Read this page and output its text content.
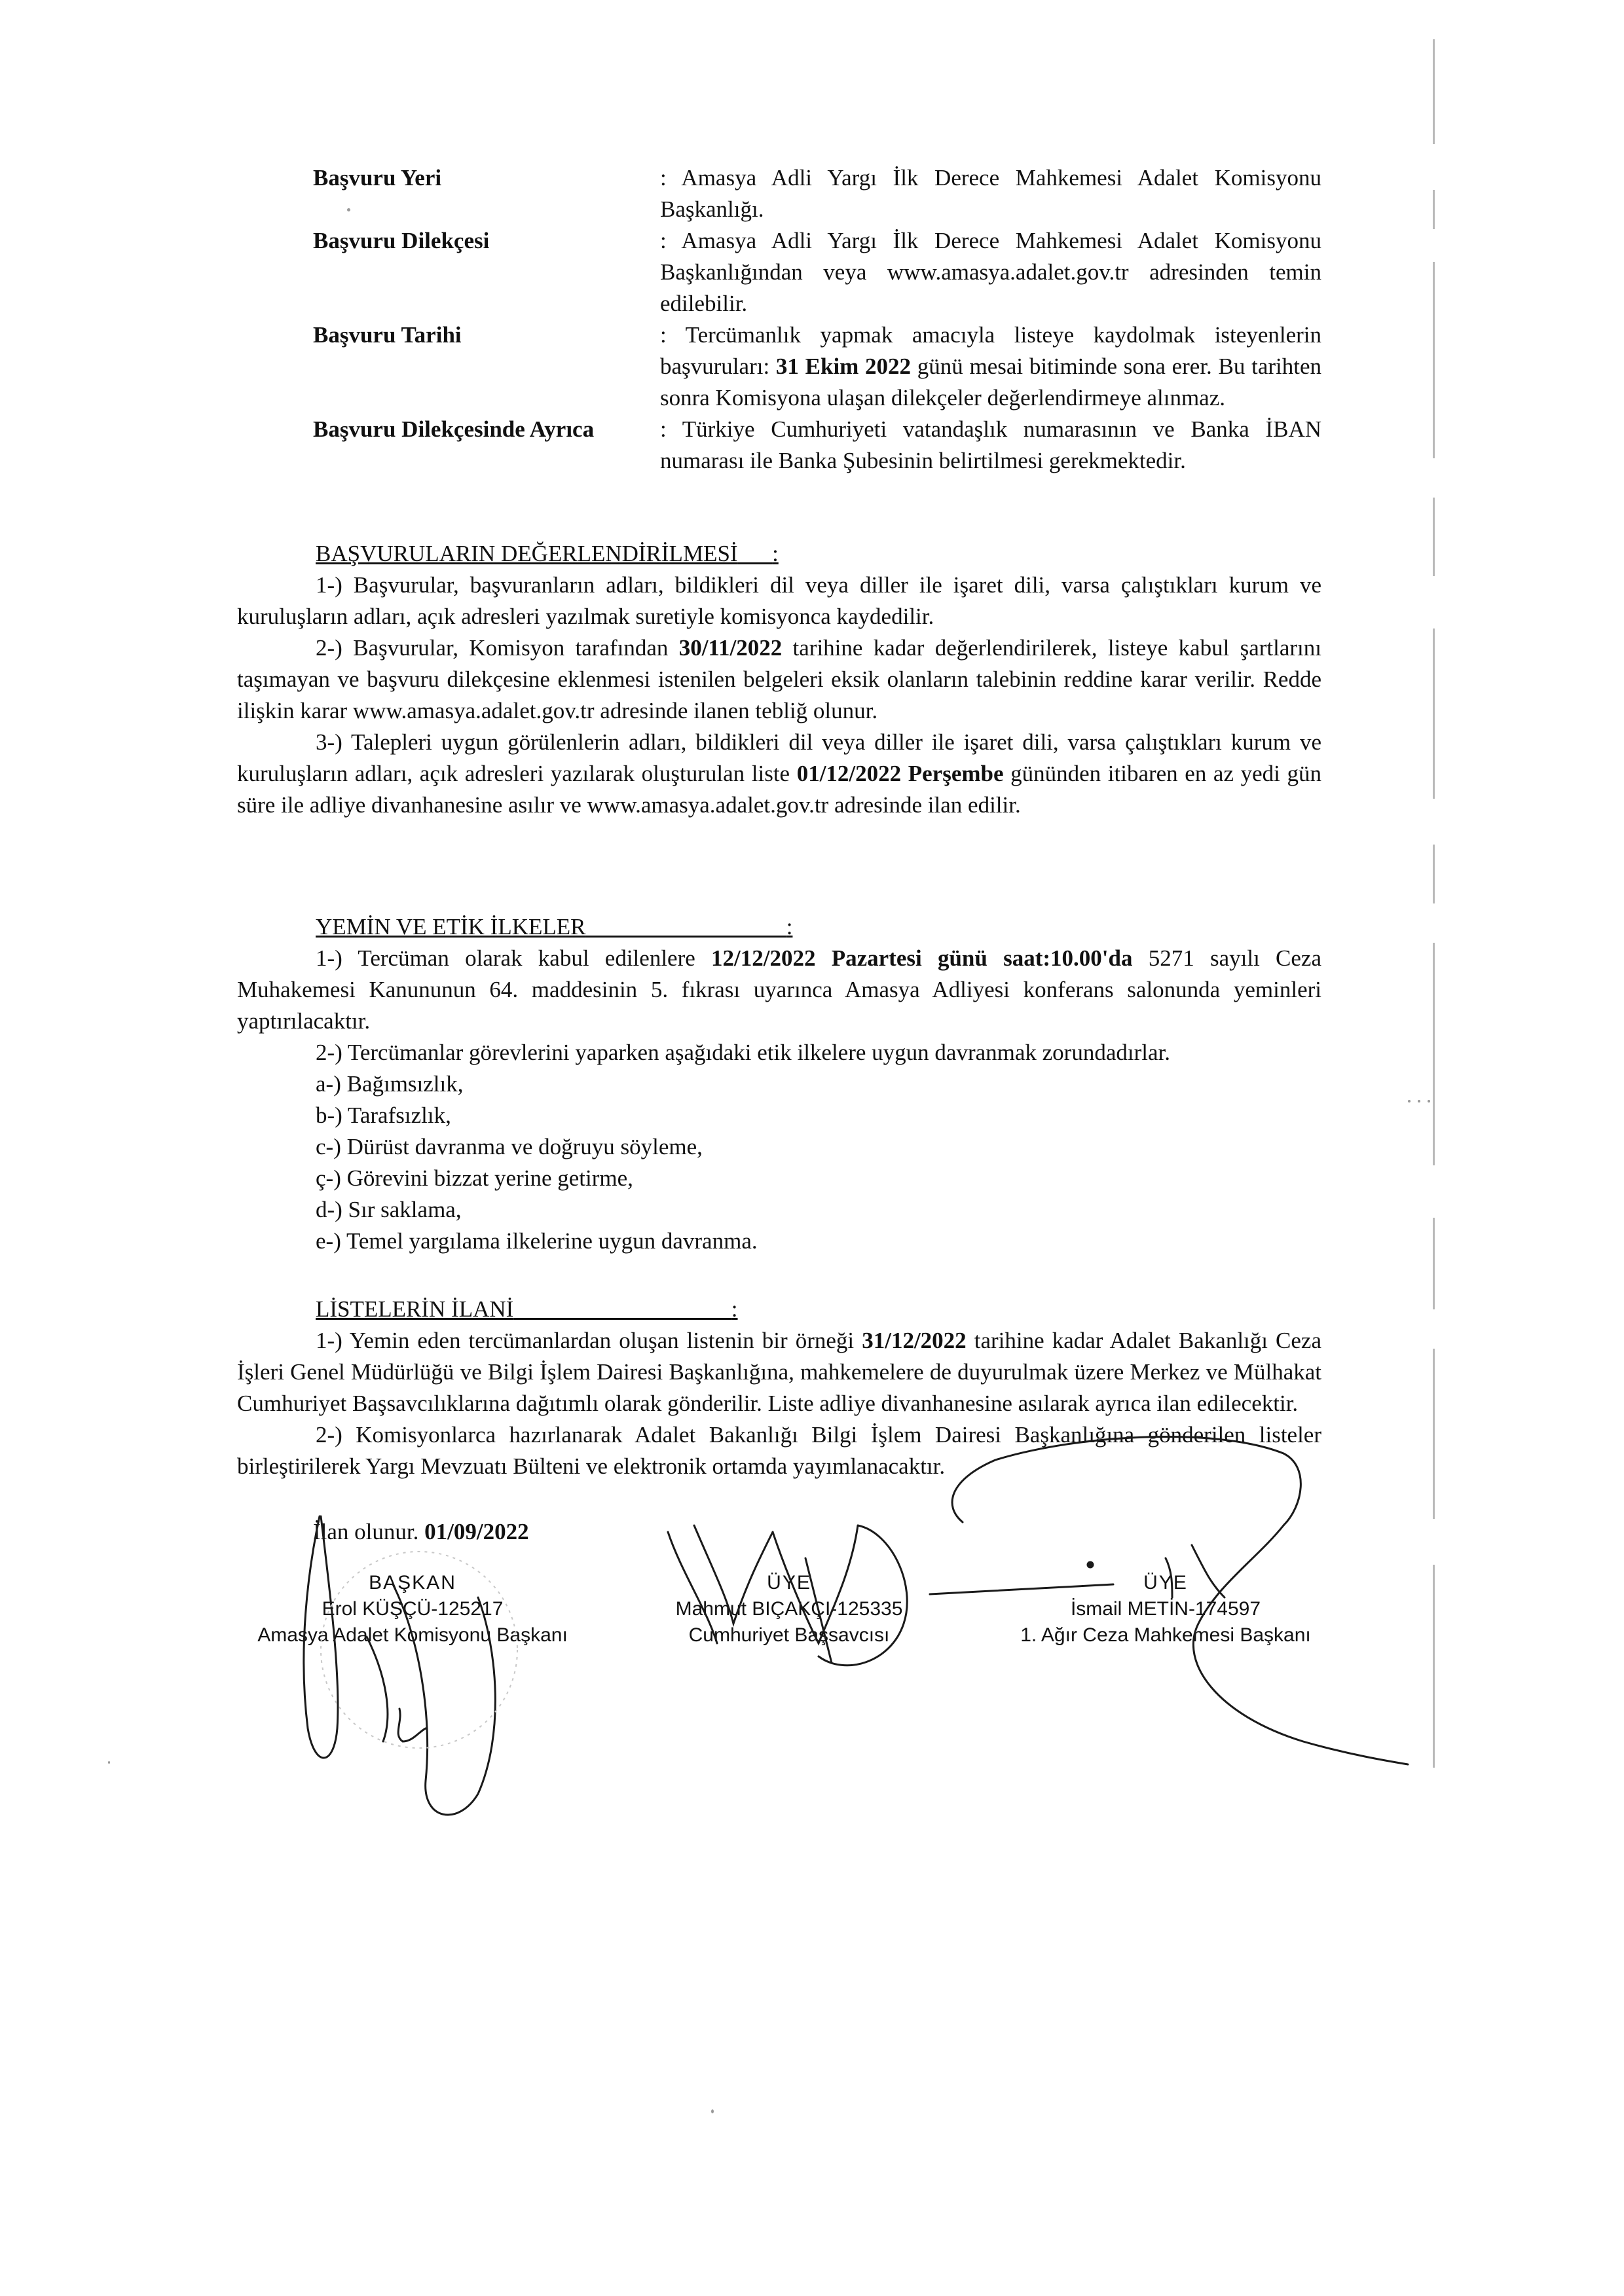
Başvuru Yeri	: Amasya Adli Yargı İlk Derece Mahkemesi Adalet Komisyonu Başkanlığı.
Başvuru Dilekçesi	: Amasya Adli Yargı İlk Derece Mahkemesi Adalet Komisyonu Başkanlığından veya www.amasya.adalet.gov.tr adresinden temin edilebilir.
Başvuru Tarihi	: Tercümanlık yapmak amacıyla listeye kaydolmak isteyenlerin başvuruları: 31 Ekim 2022 günü mesai bitiminde sona erer. Bu tarihten sonra Komisyona ulaşan dilekçeler değerlendirmeye alınmaz.
Başvuru Dilekçesinde Ayrıca	: Türkiye Cumhuriyeti vatandaşlık numarasının ve Banka İBAN numarası ile Banka Şubesinin belirtilmesi gerekmektedir.
BAŞVURULARIN DEĞERLENDİRİLMESİ :
1-) Başvurular, başvuranların adları, bildikleri dil veya diller ile işaret dili, varsa çalıştıkları kurum ve kuruluşların adları, açık adresleri yazılmak suretiyle komisyonca kaydedilir.
2-) Başvurular, Komisyon tarafından 30/11/2022 tarihine kadar değerlendirilerek, listeye kabul şartlarını taşımayan ve başvuru dilekçesine eklenmesi istenilen belgeleri eksik olanların talebinin reddine karar verilir. Redde ilişkin karar www.amasya.adalet.gov.tr adresinde ilanen tebliğ olunur.
3-) Talepleri uygun görülenlerin adları, bildikleri dil veya diller ile işaret dili, varsa çalıştıkları kurum ve kuruluşların adları, açık adresleri yazılarak oluşturulan liste 01/12/2022 Perşembe gününden itibaren en az yedi gün süre ile adliye divanhanesine asılır ve www.amasya.adalet.gov.tr adresinde ilan edilir.
YEMİN VE ETİK İLKELER	:
1-) Tercüman olarak kabul edilenlere 12/12/2022 Pazartesi günü saat:10.00'da 5271 sayılı Ceza Muhakemesi Kanununun 64. maddesinin 5. fıkrası uyarınca Amasya Adliyesi konferans salonunda yeminleri yaptırılacaktır.
2-) Tercümanlar görevlerini yaparken aşağıdaki etik ilkelere uygun davranmak zorundadırlar.
a-) Bağımsızlık,
b-) Tarafsızlık,
c-) Dürüst davranma ve doğruyu söyleme,
ç-) Görevini bizzat yerine getirme,
d-) Sır saklama,
e-) Temel yargılama ilkelerine uygun davranma.
LİSTELERİN İLANİ	:
1-) Yemin eden tercümanlardan oluşan listenin bir örneği 31/12/2022 tarihine kadar Adalet Bakanlığı Ceza İşleri Genel Müdürlüğü ve Bilgi İşlem Dairesi Başkanlığına, mahkemelere de duyurulmak üzere Merkez ve Mülhakat Cumhuriyet Başsavcılıklarına dağıtımlı olarak gönderilir. Liste adliye divanhanesine asılarak ayrıca ilan edilecektir.
2-) Komisyonlarca hazırlanarak Adalet Bakanlığı Bilgi İşlem Dairesi Başkanlığına gönderilen listeler birleştirilerek Yargı Mevzuatı Bülteni ve elektronik ortamda yayımlanacaktır.
İlan olunur. 01/09/2022
BAŞKAN
Erol KÜŞÇÜ-125217
Amasya Adalet Komisyonu Başkanı
ÜYE
Mahmut BIÇAKÇI-125335
Cumhuriyet Başsavcısı
ÜYE
İsmail METİN-174597
1. Ağır Ceza Mahkemesi Başkanı
